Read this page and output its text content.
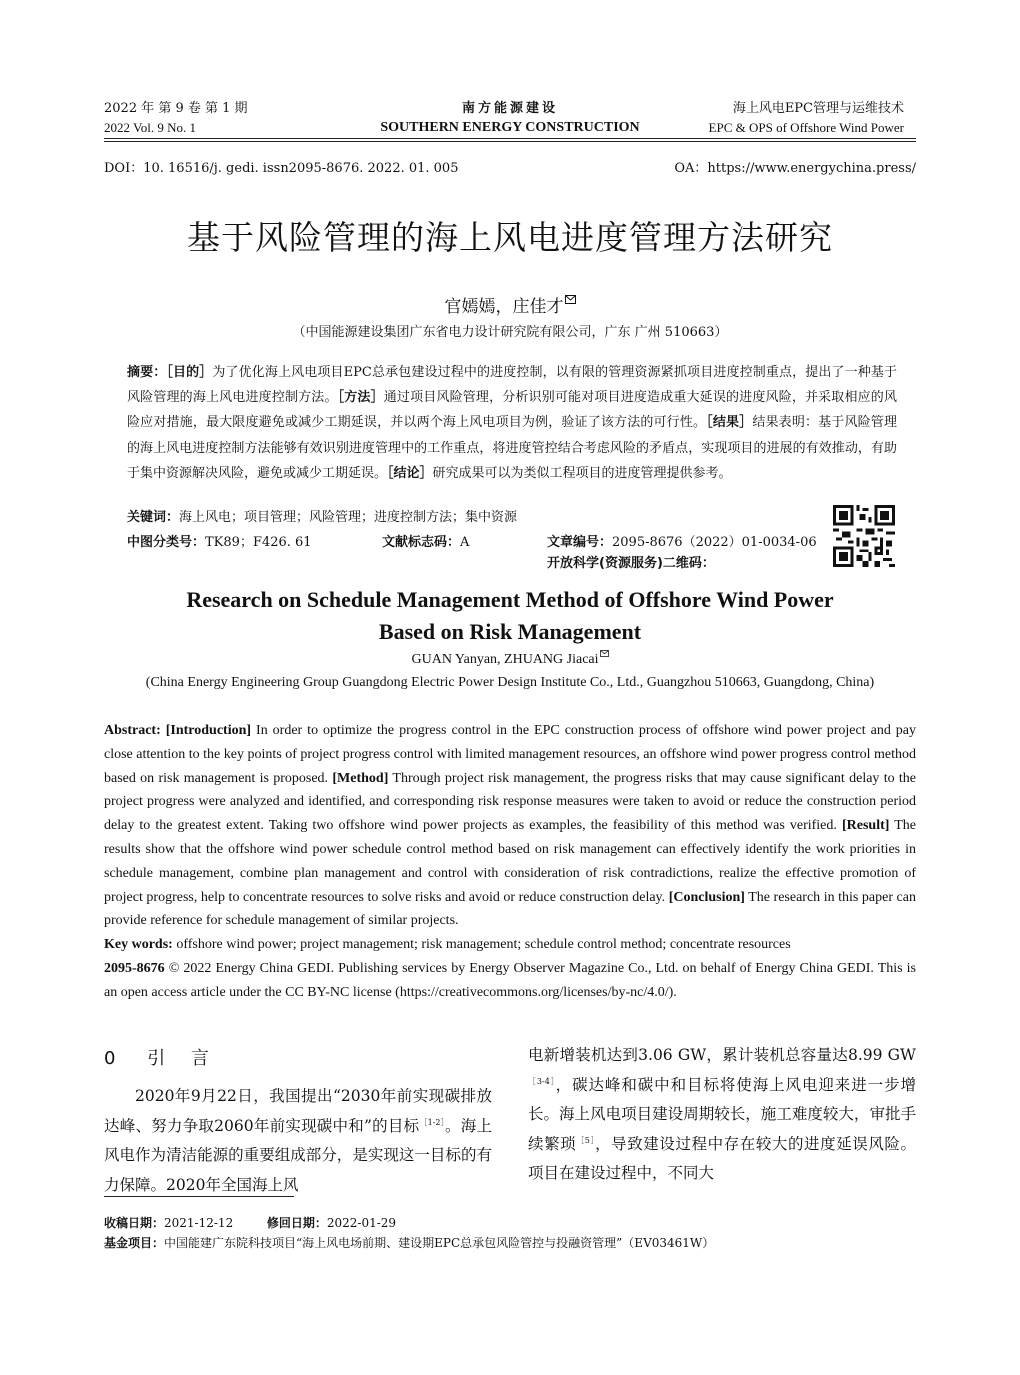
2022 年 第 9 卷 第 1 期
2022 Vol. 9 No. 1
南方能源建设
SOUTHERN ENERGY CONSTRUCTION
海上风电EPC管理与运维技术
EPC & OPS of Offshore Wind Power
DOI：10. 16516/j. gedi. issn2095-8676. 2022. 01. 005	OA：https://www.energychina.press/
基于风险管理的海上风电进度管理方法研究
官嫣嫣，庄佳才
（中国能源建设集团广东省电力设计研究院有限公司，广东 广州 510663）
摘要：［目的］为了优化海上风电项目EPC总承包建设过程中的进度控制，以有限的管理资源紧抓项目进度控制重点，提出了一种基于风险管理的海上风电进度控制方法。［方法］通过项目风险管理，分析识别可能对项目进度造成重大延误的进度风险，并采取相应的风险应对措施，最大限度避免或减少工期延误，并以两个海上风电项目为例，验证了该方法的可行性。［结果］结果表明：基于风险管理的海上风电进度控制方法能够有效识别进度管理中的工作重点，将进度管控结合考虑风险的矛盾点，实现项目的进展的有效推动，有助于集中资源解决风险，避免或减少工期延误。［结论］研究成果可以为类似工程项目的进度管理提供参考。
关键词：海上风电；项目管理；风险管理；进度控制方法；集中资源
中图分类号：TK89；F426. 61	文献标志码：A	文章编号：2095-8676（2022）01-0034-06
开放科学(资源服务)二维码：
Research on Schedule Management Method of Offshore Wind Power
Based on Risk Management
GUAN Yanyan, ZHUANG Jiacai
(China Energy Engineering Group Guangdong Electric Power Design Institute Co., Ltd., Guangzhou 510663, Guangdong, China)
Abstract: [Introduction] In order to optimize the progress control in the EPC construction process of offshore wind power project and pay close attention to the key points of project progress control with limited management resources, an offshore wind power progress control method based on risk management is proposed. [Method] Through project risk management, the progress risks that may cause significant delay to the project progress were analyzed and identified, and corresponding risk response measures were taken to avoid or reduce the construction period delay to the greatest extent. Taking two offshore wind power projects as examples, the feasibility of this method was verified. [Result] The results show that the offshore wind power schedule control method based on risk management can effectively identify the work priorities in schedule management, combine plan management and control with consideration of risk contradictions, realize the effective promotion of project progress, help to concentrate resources to solve risks and avoid or reduce construction delay. [Conclusion] The research in this paper can provide reference for schedule management of similar projects.
Key words: offshore wind power; project management; risk management; schedule control method; concentrate resources
2095-8676 © 2022 Energy China GEDI. Publishing services by Energy Observer Magazine Co., Ltd. on behalf of Energy China GEDI. This is an open access article under the CC BY-NC license (https://creativecommons.org/licenses/by-nc/4.0/).
0 引 言
2020年9月22日，我国提出“2030年前实现碳排放达峰、努力争取2060年前实现碳中和”的目标$^{[1-2]}$。海上风电作为清洁能源的重要组成部分，是实现这一目标的有力保障。2020年全国海上风
电新增装机达到3.06 GW，累计装机总容量达8.99 $GW^{[3-4]}$，碳达峰和碳中和目标将使海上风电迎来进一步增长。海上风电项目建设周期较长，施工难度较大，审批手续繁琐$^{[5]}$，导致建设过程中存在较大的进度延误风险。项目在建设过程中，不同大
收稿日期：2021-12-12	修回日期：2022-01-29
基金项目：中国能建广东院科技项目“海上风电场前期、建设期EPC总承包风险管控与投融资管理”（EV03461W）
